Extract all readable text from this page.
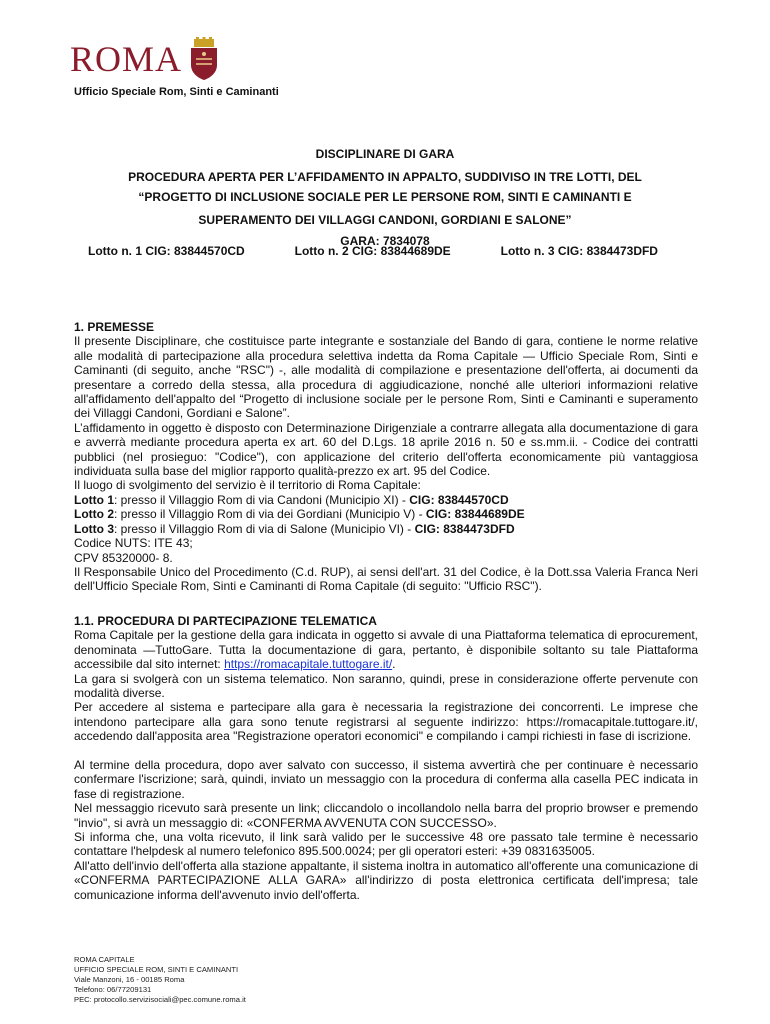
ROMA
Ufficio Speciale Rom, Sinti e Caminanti
DISCIPLINARE DI GARA
PROCEDURA APERTA PER L’AFFIDAMENTO IN APPALTO, SUDDIVISO IN TRE LOTTI, DEL
“PROGETTO DI INCLUSIONE SOCIALE PER LE PERSONE ROM, SINTI E CAMINANTI E
SUPERAMENTO DEI VILLAGGI CANDONI, GORDIANI E SALONE”
GARA: 7834078
Lotto n. 1 CIG: 83844570CD	Lotto n. 2 CIG: 83844689DE	Lotto n. 3 CIG: 8384473DFD

1. PREMESSE

Il presente Disciplinare, che costituisce parte integrante e sostanziale del Bando di gara, contiene le norme relative alle modalità di partecipazione alla procedura selettiva indetta da Roma Capitale — Ufficio Speciale Rom, Sinti e Caminanti (di seguito, anche "RSC") -, alle modalità di compilazione e presentazione dell'offerta, ai documenti da presentare a corredo della stessa, alla procedura di aggiudicazione, nonché alle ulteriori informazioni relative all'affidamento dell'appalto del “Progetto di inclusione sociale per le persone Rom, Sinti e Caminanti e superamento dei Villaggi Candoni, Gordiani e Salone”.

L’affidamento in oggetto è disposto con Determinazione Dirigenziale a contrarre allegata alla documentazione di gara e avverrà mediante procedura aperta ex art. 60 del D.Lgs. 18 aprile 2016 n. 50 e ss.mm.ii. - Codice dei contratti pubblici (nel prosieguo: "Codice"), con applicazione del criterio dell'offerta economicamente più vantaggiosa individuata sulla base del miglior rapporto qualità-prezzo ex art. 95 del Codice.

Il luogo di svolgimento del servizio è il territorio di Roma Capitale:

Lotto 1: presso il Villaggio Rom di via Candoni (Municipio XI) - CIG: 83844570CD

Lotto 2: presso il Villaggio Rom di via dei Gordiani (Municipio V) - CIG: 83844689DE

Lotto 3: presso il Villaggio Rom di via di Salone (Municipio VI) - CIG: 8384473DFD

Codice NUTS: ITE 43;

CPV 85320000- 8.

Il Responsabile Unico del Procedimento (C.d. RUP), ai sensi dell'art. 31 del Codice, è la Dott.ssa Valeria Franca Neri dell'Ufficio Speciale Rom, Sinti e Caminanti di Roma Capitale (di seguito: "Ufficio RSC").

1.1. PROCEDURA DI PARTECIPAZIONE TELEMATICA

Roma Capitale per la gestione della gara indicata in oggetto si avvale di una Piattaforma telematica di eprocurement, denominata —TuttoGare. Tutta la documentazione di gara, pertanto, è disponibile soltanto su tale Piattaforma accessibile dal sito internet: https://romacapitale.tuttogare.it/.

La gara si svolgerà con un sistema telematico. Non saranno, quindi, prese in considerazione offerte pervenute con modalità diverse.

Per accedere al sistema e partecipare alla gara è necessaria la registrazione dei concorrenti. Le imprese che intendono partecipare alla gara sono tenute registrarsi al seguente indirizzo: https://romacapitale.tuttogare.it/, accedendo dall'apposita area "Registrazione operatori economici" e compilando i campi richiesti in fase di iscrizione.

Al termine della procedura, dopo aver salvato con successo, il sistema avvertirà che per continuare è necessario confermare l'iscrizione; sarà, quindi, inviato un messaggio con la procedura di conferma alla casella PEC indicata in fase di registrazione.

Nel messaggio ricevuto sarà presente un link; cliccandolo o incollandolo nella barra del proprio browser e premendo "invio", si avrà un messaggio di: «CONFERMA AVVENUTA CON SUCCESSO».

Si informa che, una volta ricevuto, il link sarà valido per le successive 48 ore passato tale termine è necessario contattare l'helpdesk al numero telefonico 895.500.0024; per gli operatori esteri: +39 0831635005.

All'atto dell'invio dell'offerta alla stazione appaltante, il sistema inoltra in automatico all'offerente una comunicazione di «CONFERMA PARTECIPAZIONE ALLA GARA» all'indirizzo di posta elettronica certificata dell'impresa; tale comunicazione informa dell'avvenuto invio dell'offerta.

ROMA CAPITALE
UFFICIO SPECIALE ROM, SINTI E CAMINANTI
Viale Manzoni, 16 - 00185 Roma
Telefono: 06/77209131
PEC: protocollo.servizisociali@pec.comune.roma.it
